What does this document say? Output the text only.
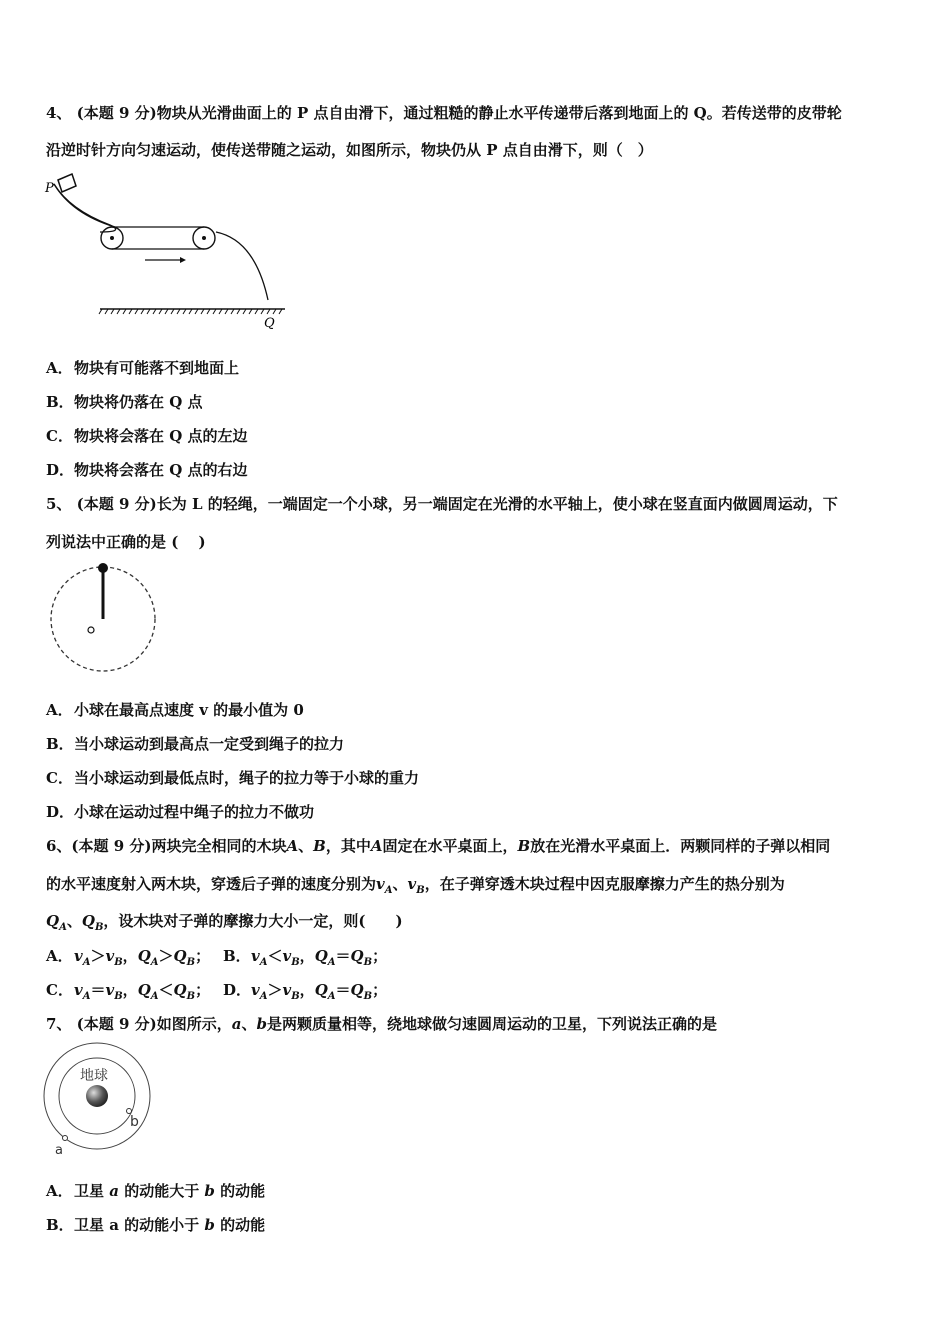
4、 (本题 9 分)物块从光滑曲面上的 P 点自由滑下，通过粗糙的静止水平传递带后落到地面上的 Q。若传送带的皮带轮
沿逆时针方向匀速运动，使传送带随之运动，如图所示，物块仍从 P 点自由滑下，则（　）
P
Q
A．物块有可能落不到地面上
B．物块将仍落在 Q 点
C．物块将会落在 Q 点的左边
D．物块将会落在 Q 点的右边
5、 (本题 9 分)长为 L 的轻绳，一端固定一个小球，另一端固定在光滑的水平轴上，使小球在竖直面内做圆周运动，下
列说法中正确的是 (　 )
A．小球在最高点速度 v 的最小值为 0
B．当小球运动到最高点一定受到绳子的拉力
C．当小球运动到最低点时，绳子的拉力等于小球的重力
D．小球在运动过程中绳子的拉力不做功
6、(本题 9 分)两块完全相同的木块A、B，其中A固定在水平桌面上，B放在光滑水平桌面上．两颗同样的子弹以相同
的水平速度射入两木块，穿透后子弹的速度分别为$v_A$、$v_B$，在子弹穿透木块过程中因克服摩擦力产生的热分别为
$Q_A$、$Q_B$，设木块对子弹的摩擦力大小一定，则(　　)
A．$v_A>v_B$，$Q_A>Q_B$； B．$v_A<v_B$，$Q_A=Q_B$；
C．$v_A=v_B$，$Q_A<Q_B$； D．$v_A>v_B$，$Q_A=Q_B$；
7、 (本题 9 分)如图所示，a、b是两颗质量相等，绕地球做匀速圆周运动的卫星，下列说法正确的是
地球
b
a
A．卫星 a 的动能大于 b 的动能
B．卫星 a 的动能小于 b 的动能
